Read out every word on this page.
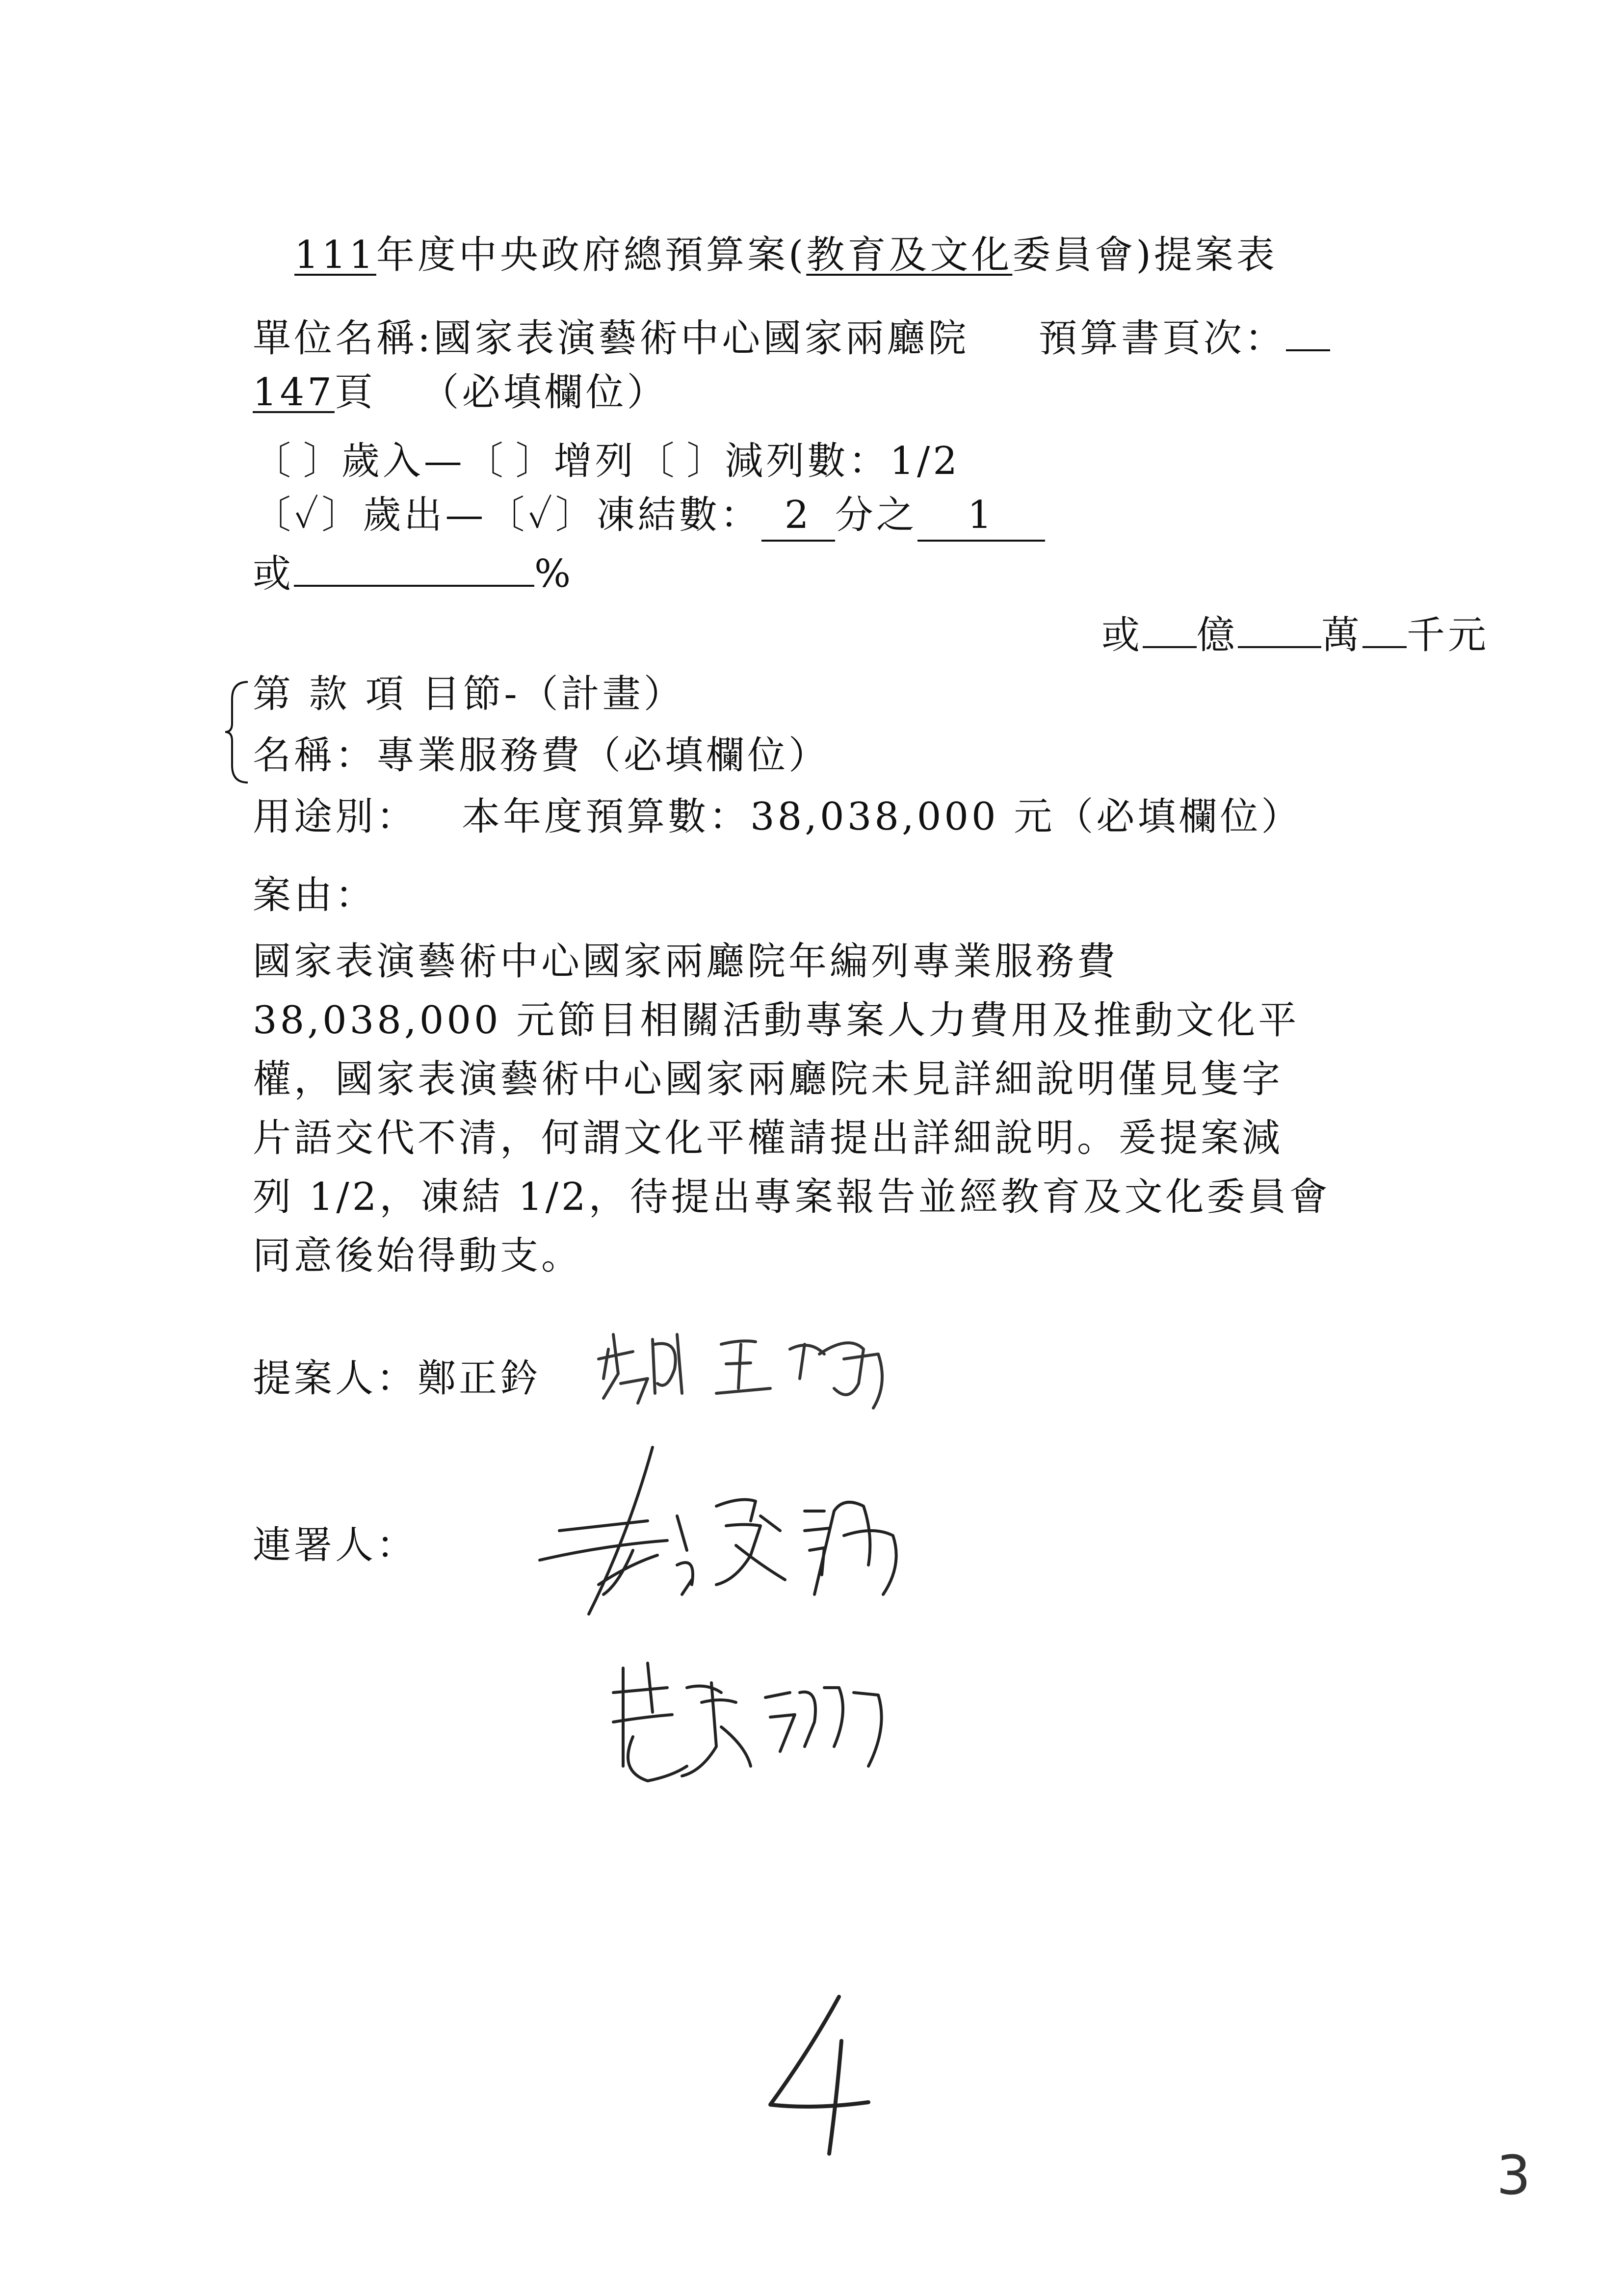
111年度中央政府總預算案(教育及文化委員會)提案表
單位名稱:國家表演藝術中心國家兩廳院 預算書頁次：
147頁 （必填欄位）
〔 〕歲入—〔 〕增列〔 〕減列數：1/2
〔✓〕歲出—〔✓〕凍結數： 2 分之 1
或	%
或 億 萬 千元
第 款 項 目節-（計畫）
名稱：專業服務費（必填欄位）
用途別： 本年度預算數：38,038,000 元（必填欄位）
案由：
國家表演藝術中心國家兩廳院年編列專業服務費
38,038,000 元節目相關活動專案人力費用及推動文化平
權，國家表演藝術中心國家兩廳院未見詳細說明僅見隻字
片語交代不清，何謂文化平權請提出詳細說明。爰提案減
列 1/2，凍結 1/2，待提出專案報告並經教育及文化委員會
同意後始得動支。
提案人：鄭正鈐
連署人：
3
